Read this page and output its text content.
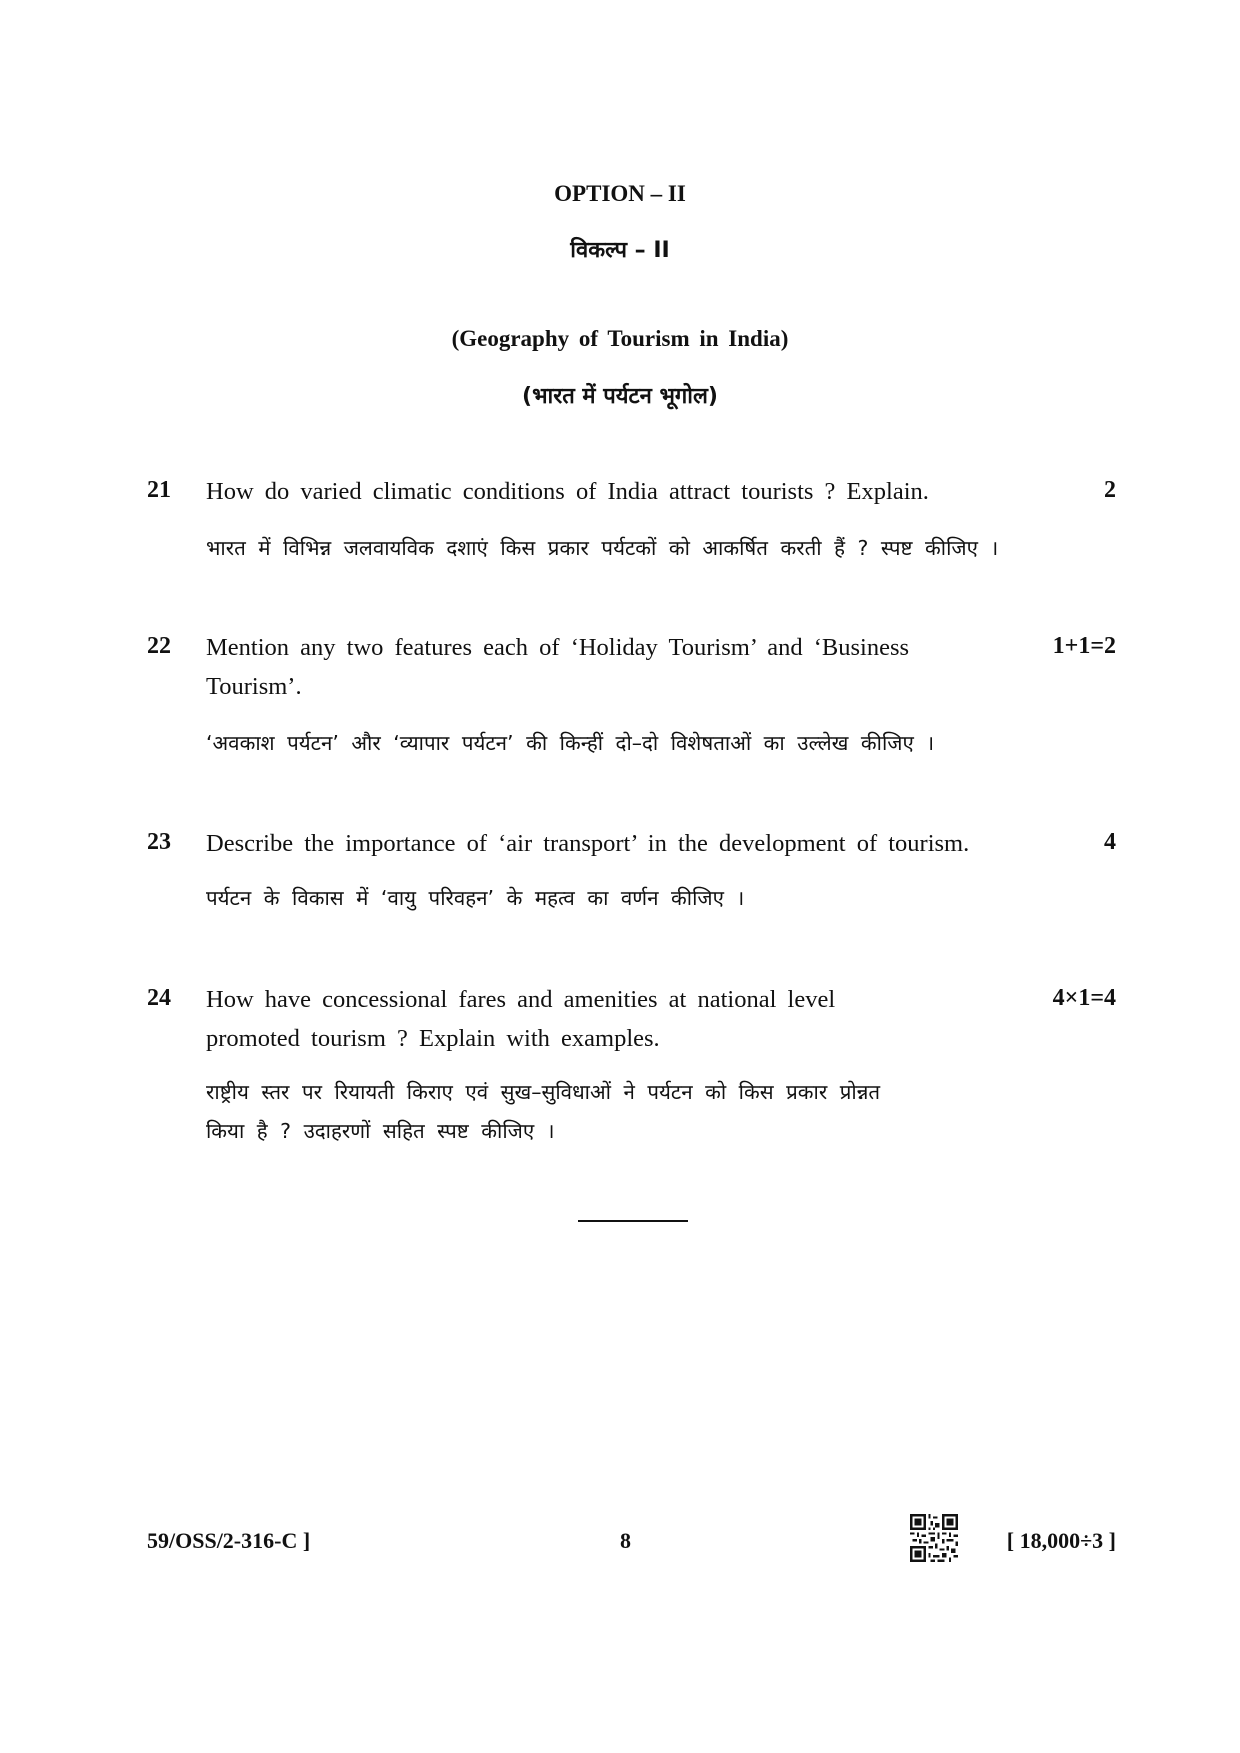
OPTION – II
विकल्प – II
(Geography of Tourism in India)
(भारत में पर्यटन भूगोल)
21 How do varied climatic conditions of India attract tourists ? Explain.	2
भारत में विभिन्न जलवायविक दशाएं किस प्रकार पर्यटकों को आकर्षित करती हैं ? स्पष्ट कीजिए ।
22 Mention any two features each of ‘Holiday Tourism’ and ‘Business
Tourism’.
1+1=2
‘अवकाश पर्यटन’ और ‘व्यापार पर्यटन’ की किन्हीं दो–दो विशेषताओं का उल्लेख कीजिए ।
23 Describe the importance of ‘air transport’ in the development of tourism.	4
पर्यटन के विकास में ‘वायु परिवहन’ के महत्व का वर्णन कीजिए ।
24 How have concessional fares and amenities at national level
promoted tourism ? Explain with examples.
4×1=4
राष्ट्रीय स्तर पर रियायती किराए एवं सुख–सुविधाओं ने पर्यटन को किस प्रकार प्रोन्नत
किया है ? उदाहरणों सहित स्पष्ट कीजिए ।
59/OSS/2-316-C ]	8	[ 18,000÷3 ]
